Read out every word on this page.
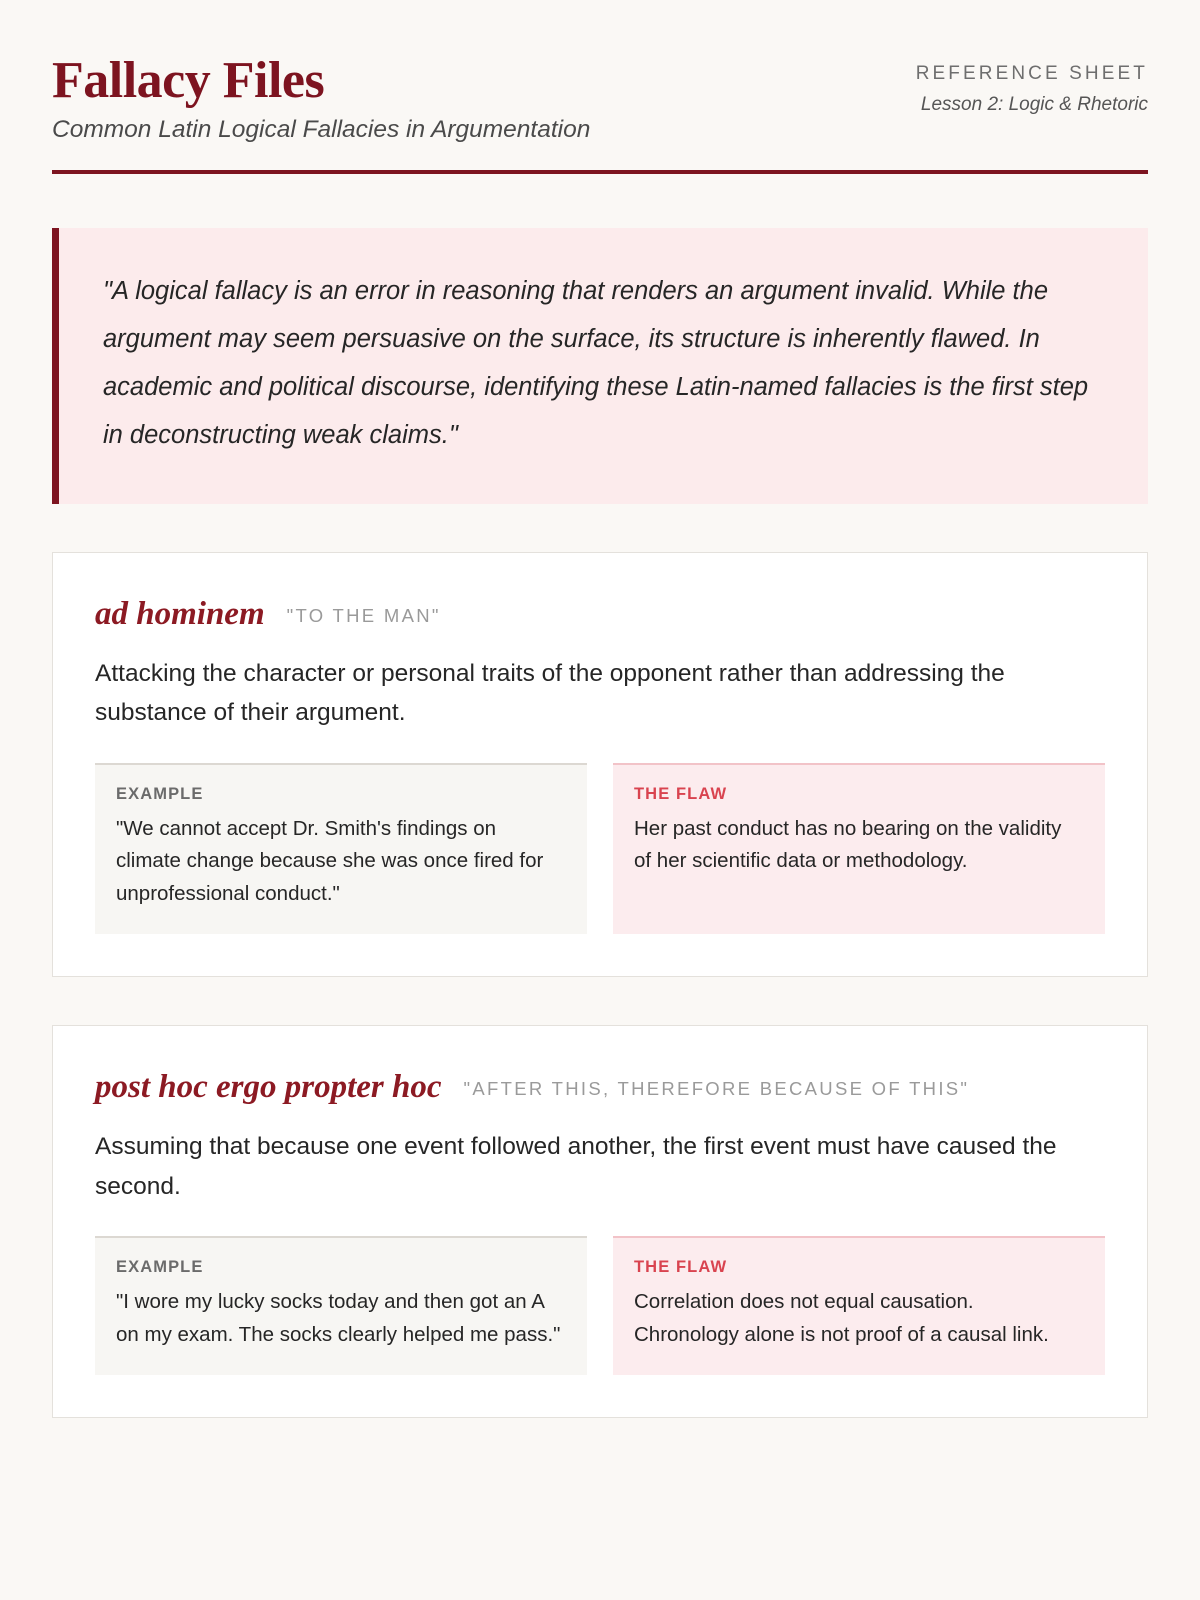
Fallacy Files
Common Latin Logical Fallacies in Argumentation
REFERENCE SHEET
Lesson 2: Logic & Rhetoric

"A logical fallacy is an error in reasoning that renders an argument invalid. While the argument may seem persuasive on the surface, its structure is inherently flawed. In academic and political discourse, identifying these Latin-named fallacies is the first step in deconstructing weak claims."

ad hominem "TO THE MAN"
Attacking the character or personal traits of the opponent rather than addressing the substance of their argument.
EXAMPLE
"We cannot accept Dr. Smith's findings on climate change because she was once fired for unprofessional conduct."
THE FLAW
Her past conduct has no bearing on the validity of her scientific data or methodology.
post hoc ergo propter hoc "AFTER THIS, THEREFORE BECAUSE OF THIS"
Assuming that because one event followed another, the first event must have caused the second.
EXAMPLE
"I wore my lucky socks today and then got an A on my exam. The socks clearly helped me pass."
THE FLAW
Correlation does not equal causation. Chronology alone is not proof of a causal link.
